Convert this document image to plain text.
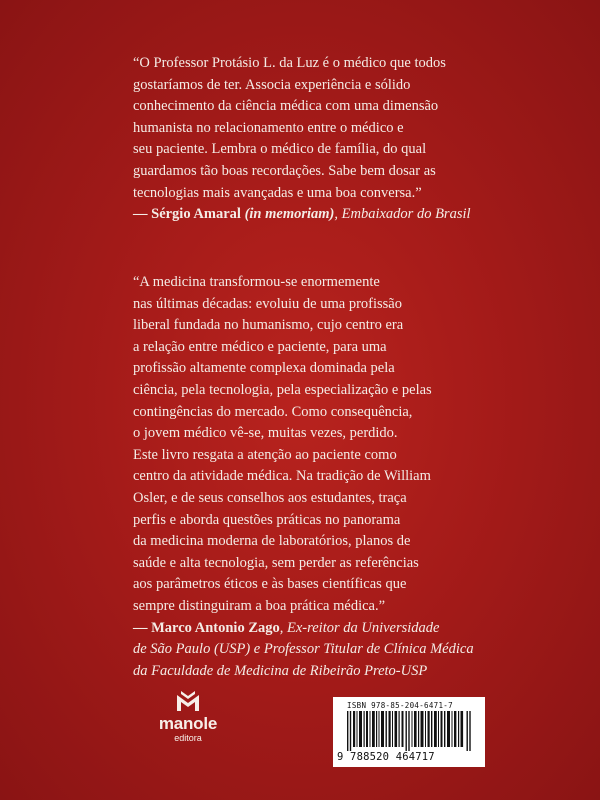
“O Professor Protásio L. da Luz é o médico que todos
gostaríamos de ter. Associa experiência e sólido
conhecimento da ciência médica com uma dimensão
humanista no relacionamento entre o médico e
seu paciente. Lembra o médico de família, do qual
guardamos tão boas recordações. Sabe bem dosar as
tecnologias mais avançadas e uma boa conversa.”
— Sérgio Amaral (in memoriam), Embaixador do Brasil
“A medicina transformou-se enormemente
nas últimas décadas: evoluiu de uma profissão
liberal fundada no humanismo, cujo centro era
a relação entre médico e paciente, para uma
profissão altamente complexa dominada pela
ciência, pela tecnologia, pela especialização e pelas
contingências do mercado. Como consequência,
o jovem médico vê-se, muitas vezes, perdido.
Este livro resgata a atenção ao paciente como
centro da atividade médica. Na tradição de William
Osler, e de seus conselhos aos estudantes, traça
perfis e aborda questões práticas no panorama
da medicina moderna de laboratórios, planos de
saúde e alta tecnologia, sem perder as referências
aos parâmetros éticos e às bases científicas que
sempre distinguiram a boa prática médica.”
— Marco Antonio Zago, Ex-reitor da Universidade
de São Paulo (USP) e Professor Titular de Clínica Médica
da Faculdade de Medicina de Ribeirão Preto-USP
manole
editora
ISBN 978-85-204-6471-7
9 788520 464717
